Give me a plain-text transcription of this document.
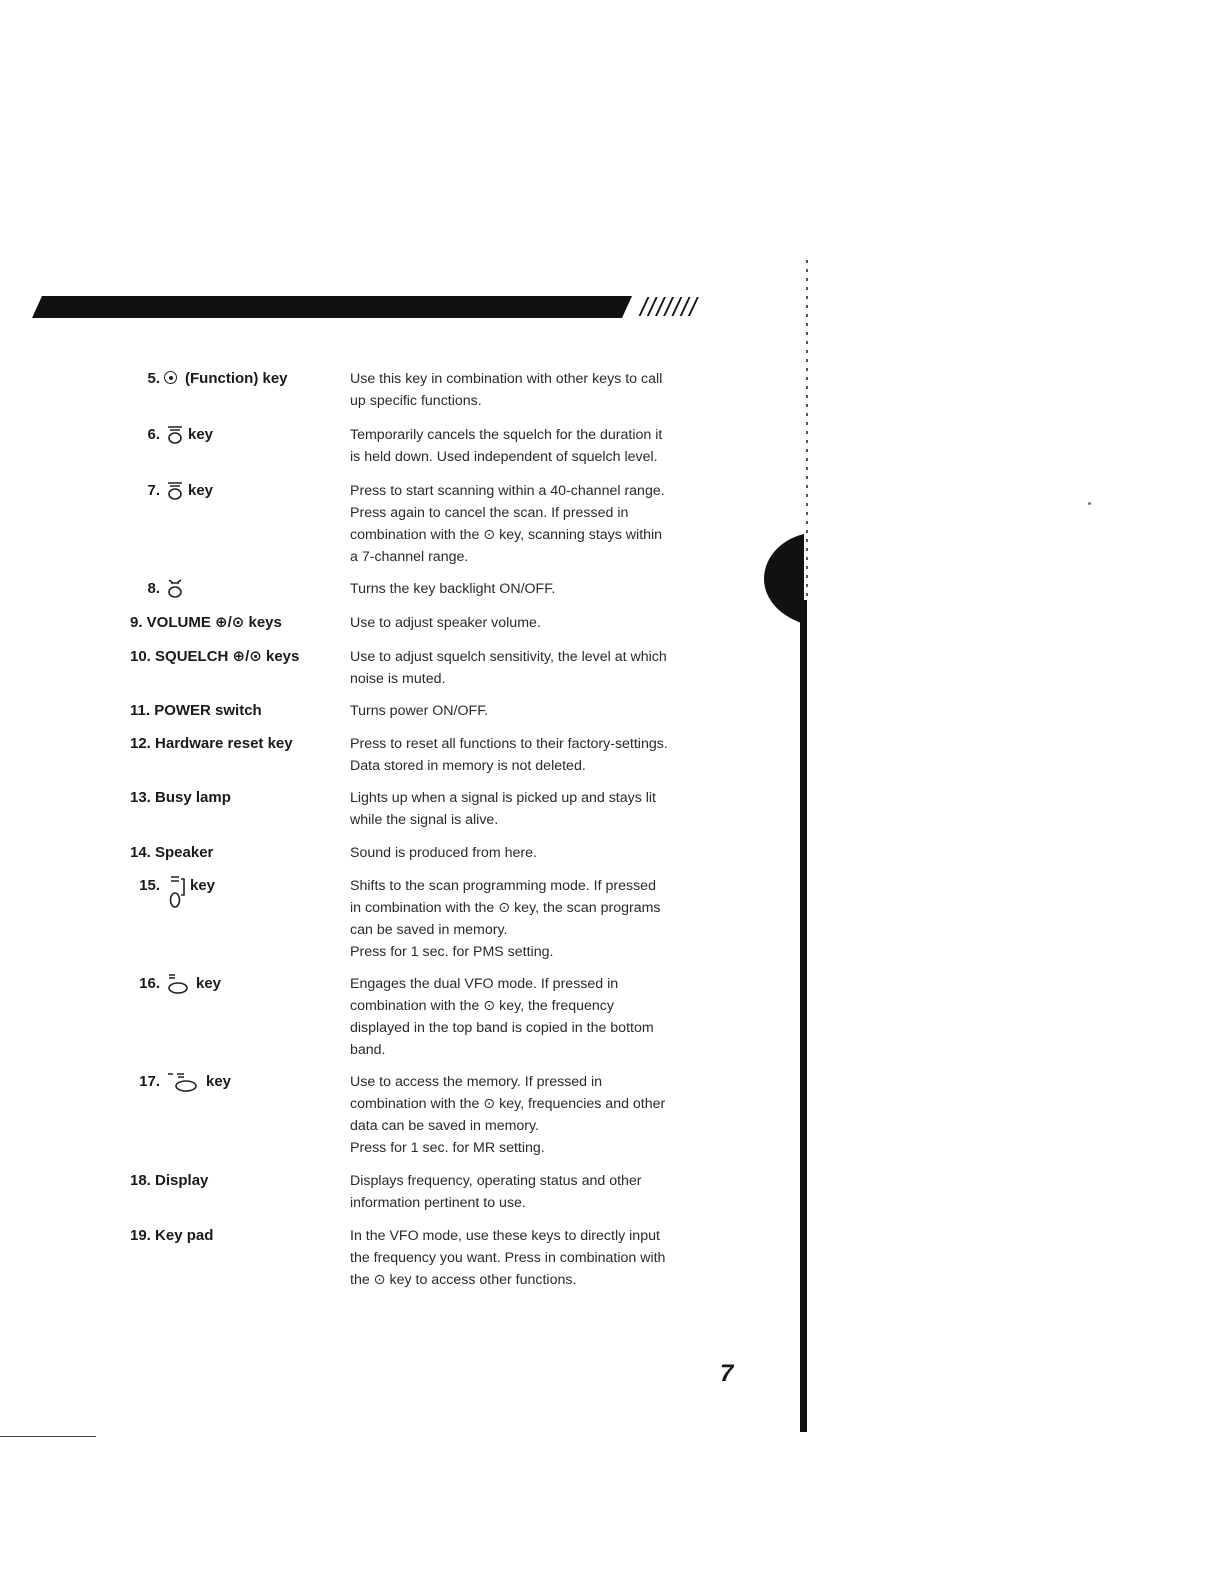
///////
5.	(Function) key	Use this key in combination with other keys to call
up specific functions.
6.	key	Temporarily cancels the squelch for the duration it
is held down. Used independent of squelch level.
7.	key	Press to start scanning within a 40-channel range.
Press again to cancel the scan. If pressed in
combination with the ⊙ key, scanning stays within
a 7-channel range.
8.	Turns the key backlight ON/OFF.
9. VOLUME ⊕/⊙ keys	Use to adjust speaker volume.
10. SQUELCH ⊕/⊙ keys	Use to adjust squelch sensitivity, the level at which
noise is muted.
11. POWER switch	Turns power ON/OFF.
12. Hardware reset key	Press to reset all functions to their factory-settings.
Data stored in memory is not deleted.
13. Busy lamp	Lights up when a signal is picked up and stays lit
while the signal is alive.
14. Speaker	Sound is produced from here.
15.	key	Shifts to the scan programming mode. If pressed
in combination with the ⊙ key, the scan programs
can be saved in memory.
Press for 1 sec. for PMS setting.
16.	key	Engages the dual VFO mode. If pressed in
combination with the ⊙ key, the frequency
displayed in the top band is copied in the bottom
band.
17.	key	Use to access the memory. If pressed in
combination with the ⊙ key, frequencies and other
data can be saved in memory.
Press for 1 sec. for MR setting.
18. Display	Displays frequency, operating status and other
information pertinent to use.
19. Key pad	In the VFO mode, use these keys to directly input
the frequency you want. Press in combination with
the ⊙ key to access other functions.
7
